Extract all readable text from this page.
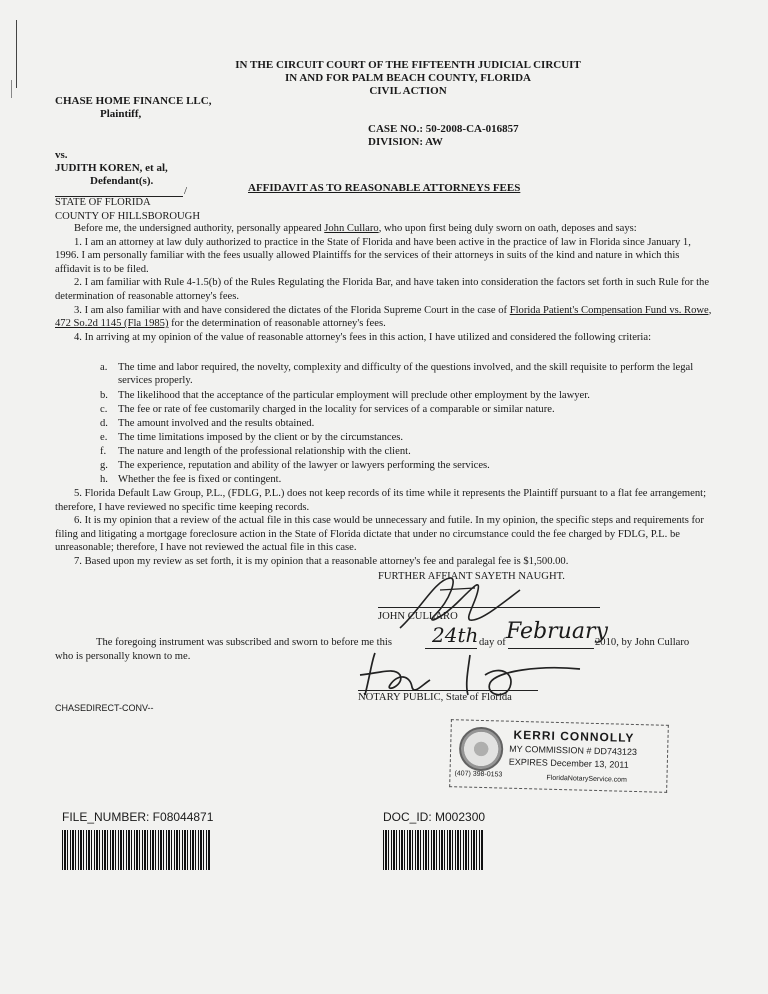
IN THE CIRCUIT COURT OF THE FIFTEENTH JUDICIAL CIRCUIT
IN AND FOR PALM BEACH COUNTY, FLORIDA
CIVIL ACTION
CHASE HOME FINANCE LLC,
Plaintiff,
vs.
JUDITH KOREN, et al,
Defendant(s).
/
CASE NO.: 50-2008-CA-016857
DIVISION: AW
AFFIDAVIT AS TO REASONABLE ATTORNEYS FEES
STATE OF FLORIDA
COUNTY OF HILLSBOROUGH
Before me, the undersigned authority, personally appeared John Cullaro, who upon first being duly sworn on oath, deposes and says:
1. I am an attorney at law duly authorized to practice in the State of Florida and have been active in the practice of law in Florida since January 1, 1996. I am personally familiar with the fees usually allowed Plaintiffs for the services of their attorneys in suits of the kind and nature in which this affidavit is to be filed.
2. I am familiar with Rule 4-1.5(b) of the Rules Regulating the Florida Bar, and have taken into consideration the factors set forth in such Rule for the determination of reasonable attorney's fees.
3. I am also familiar with and have considered the dictates of the Florida Supreme Court in the case of Florida Patient's Compensation Fund vs. Rowe, 472 So.2d 1145 (Fla 1985) for the determination of reasonable attorney's fees.
4. In arriving at my opinion of the value of reasonable attorney's fees in this action, I have utilized and considered the following criteria:
a.	The time and labor required, the novelty, complexity and difficulty of the questions involved, and the skill requisite to perform the legal services properly.
b. The likelihood that the acceptance of the particular employment will preclude other employment by the lawyer.
c.	The fee or rate of fee customarily charged in the locality for services of a comparable or similar nature.
d. The amount involved and the results obtained.
e.	The time limitations imposed by the client or by the circumstances.
f.	The nature and length of the professional relationship with the client.
g. The experience, reputation and ability of the lawyer or lawyers performing the services.
h. Whether the fee is fixed or contingent.
5. Florida Default Law Group, P.L., (FDLG, P.L.) does not keep records of its time while it represents the Plaintiff pursuant to a flat fee arrangement; therefore, I have reviewed no specific time keeping records.
6. It is my opinion that a review of the actual file in this case would be unnecessary and futile. In my opinion, the specific steps and requirements for filing and litigating a mortgage foreclosure action in the State of Florida dictate that under no circumstance could the fee charged by FDLG, P.L. be unreasonable; therefore, I have not reviewed the actual file in this case.
7. Based upon my review as set forth, it is my opinion that a reasonable attorney's fee and paralegal fee is $1,500.00.
FURTHER AFFIANT SAYETH NAUGHT.
JOHN CULLARO
The foregoing instrument was subscribed and sworn to before me this 24th day of February
2010, by John Cullaro
who is personally known to me.
NOTARY PUBLIC, State of Florida
CHASEDIRECT-CONV--
KERRI CONNOLLY
MY COMMISSION # DD743123
EXPIRES December 13, 2011
(407) 398-0153
FloridaNotaryService.com
FILE_NUMBER: F08044871	DOC_ID: M002300
